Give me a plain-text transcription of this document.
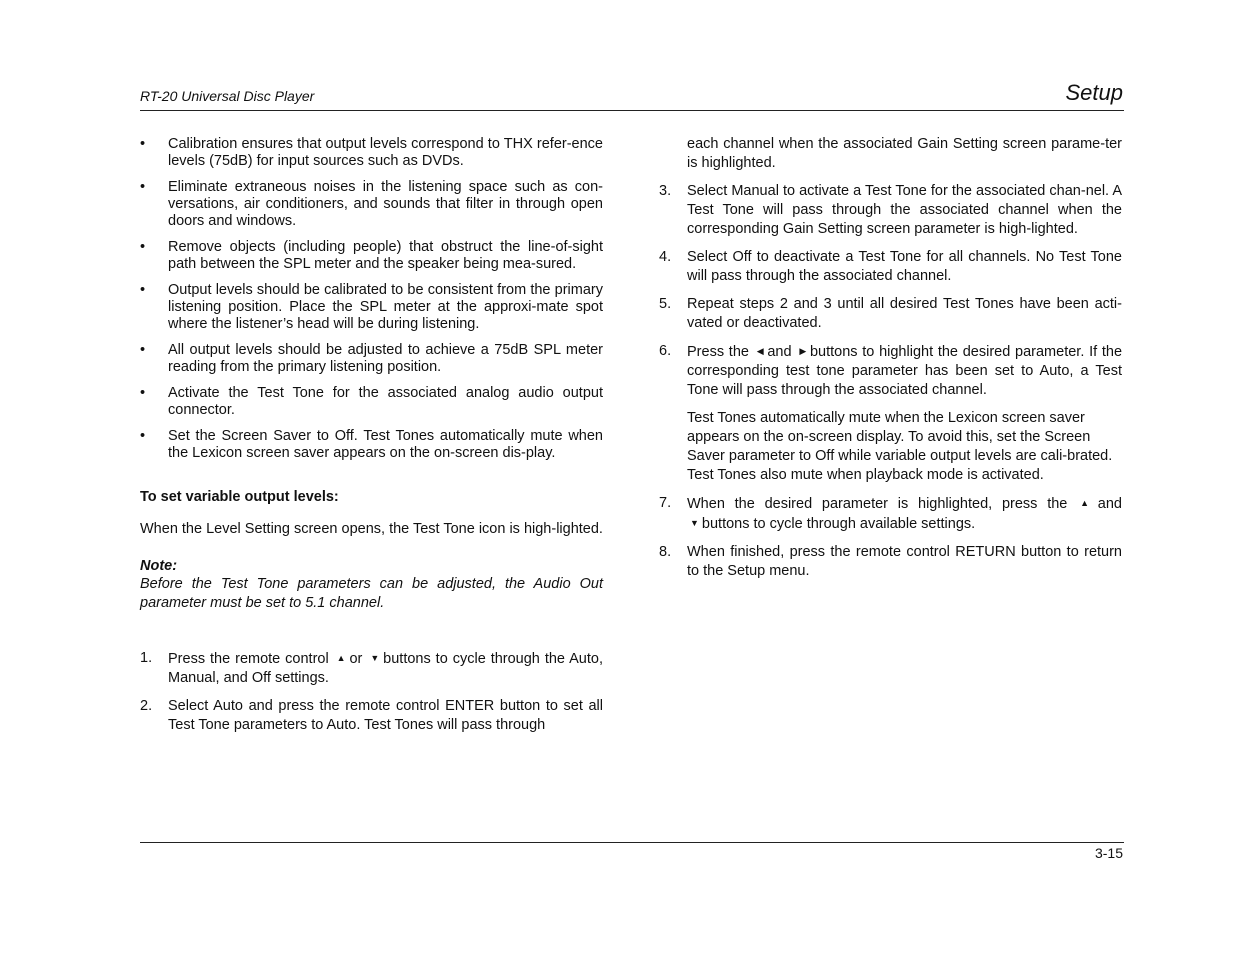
RT-20 Universal Disc Player	Setup
• Calibration ensures that output levels correspond to THX refer-ence levels (75dB) for input sources such as DVDs.
• Eliminate extraneous noises in the listening space such as con-versations, air conditioners, and sounds that filter in through open doors and windows.
• Remove objects (including people) that obstruct the line-of-sight path between the SPL meter and the speaker being mea-sured.
• Output levels should be calibrated to be consistent from the primary listening position. Place the SPL meter at the approxi-mate spot where the listener’s head will be during listening.
• All output levels should be adjusted to achieve a 75dB SPL meter reading from the primary listening position.
• Activate the Test Tone for the associated analog audio output connector.
• Set the Screen Saver to Off. Test Tones automatically mute when the Lexicon screen saver appears on the on-screen dis-play.
To set variable output levels:
When the Level Setting screen opens, the Test Tone icon is high-lighted.
Note:
Before the Test Tone parameters can be adjusted, the Audio Out parameter must be set to 5.1 channel.
1. Press the remote control ▲ or ▼ buttons to cycle through the Auto, Manual, and Off settings.
2. Select Auto and press the remote control ENTER button to set all Test Tone parameters to Auto. Test Tones will pass through
each channel when the associated Gain Setting screen parame-ter is highlighted.
3. Select Manual to activate a Test Tone for the associated chan-nel. A Test Tone will pass through the associated channel when the corresponding Gain Setting screen parameter is high-lighted.
4. Select Off to deactivate a Test Tone for all channels. No Test Tone will pass through the associated channel.
5. Repeat steps 2 and 3 until all desired Test Tones have been acti-vated or deactivated.
6. Press the ◀ and ▶ buttons to highlight the desired parameter. If the corresponding test tone parameter has been set to Auto, a Test Tone will pass through the associated channel.
Test Tones automatically mute when the Lexicon screen saver appears on the on-screen display. To avoid this, set the Screen Saver parameter to Off while variable output levels are cali-brated. Test Tones also mute when playback mode is activated.
7. When the desired parameter is highlighted, press the ▲ and ▼ buttons to cycle through available settings.
8. When finished, press the remote control RETURN button to return to the Setup menu.
3-15
